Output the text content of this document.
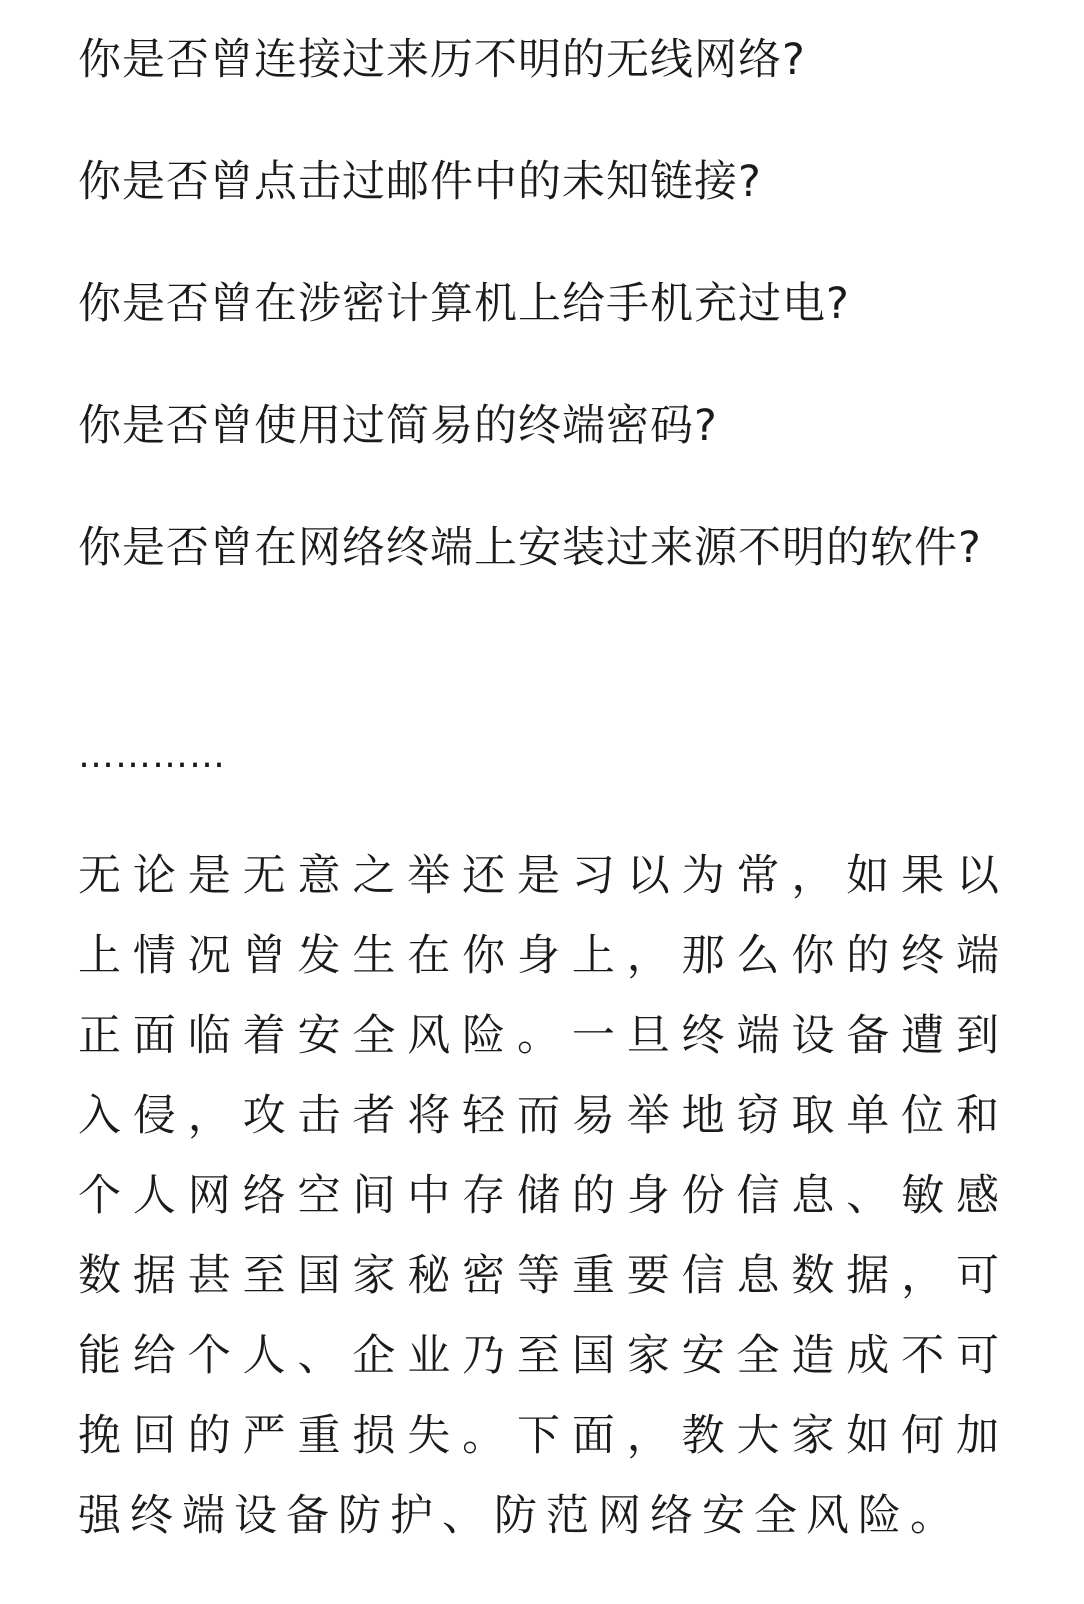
你是否曾连接过来历不明的无线网络?
你是否曾点击过邮件中的未知链接?
你是否曾在涉密计算机上给手机充过电?
你是否曾使用过简易的终端密码?
你是否曾在网络终端上安装过来源不明的软件?
…………
无论是无意之举还是习以为常，如果以上情况曾发生在你身上，那么你的终端正面临着安全风险。一旦终端设备遭到入侵，攻击者将轻而易举地窃取单位和个人网络空间中存储的身份信息、敏感数据甚至国家秘密等重要信息数据，可能给个人、企业乃至国家安全造成不可挽回的严重损失。下面，教大家如何加强终端设备防护、防范网络安全风险。
